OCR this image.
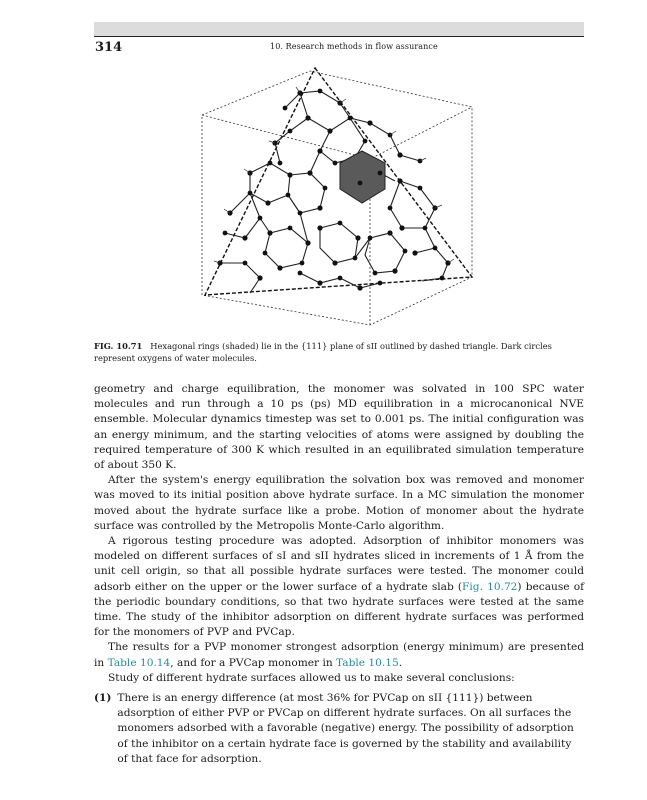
314	10. Research methods in flow assurance
FIG. 10.71 Hexagonal rings (shaded) lie in the {111} plane of sII outlined by dashed triangle. Dark circles represent oxygens of water molecules.

geometry and charge equilibration, the monomer was solvated in 100 SPC water molecules and run through a 10 ps (ps) MD equilibration in a microcanonical NVE ensemble. Molecular dynamics timestep was set to 0.001 ps. The initial configuration was an energy minimum, and the starting velocities of atoms were assigned by doubling the required temperature of 300 K which resulted in an equilibrated simulation temperature of about 350 K.

After the system's energy equilibration the solvation box was removed and monomer was moved to its initial position above hydrate surface. In a MC simulation the monomer moved about the hydrate surface like a probe. Motion of monomer about the hydrate surface was controlled by the Metropolis Monte-Carlo algorithm.

A rigorous testing procedure was adopted. Adsorption of inhibitor monomers was modeled on different surfaces of sI and sII hydrates sliced in increments of 1 Å from the unit cell origin, so that all possible hydrate surfaces were tested. The monomer could adsorb either on the upper or the lower surface of a hydrate slab (Fig. 10.72) because of the periodic boundary conditions, so that two hydrate surfaces were tested at the same time. The study of the inhibitor adsorption on different hydrate surfaces was performed for the monomers of PVP and PVCap.

The results for a PVP monomer strongest adsorption (energy minimum) are presented in Table 10.14, and for a PVCap monomer in Table 10.15.

Study of different hydrate surfaces allowed us to make several conclusions:

(1) There is an energy difference (at most 36% for PVCap on sII {111}) between adsorption of either PVP or PVCap on different hydrate surfaces. On all surfaces the monomers adsorbed with a favorable (negative) energy. The possibility of adsorption of the inhibitor on a certain hydrate face is governed by the stability and availability of that face for adsorption.
